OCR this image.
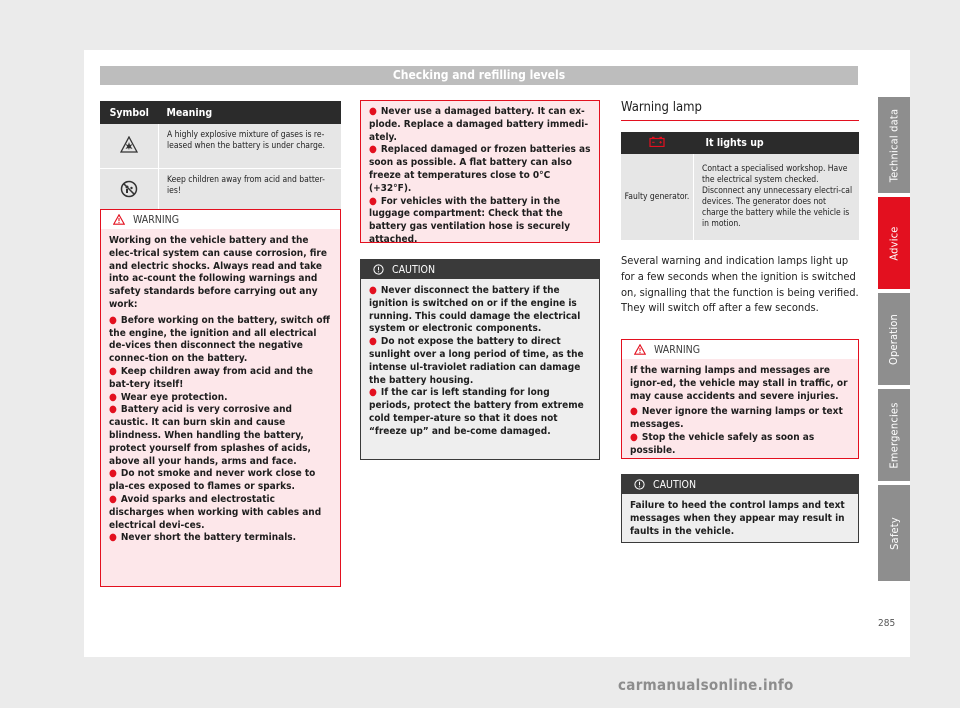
Checking and refilling levels
Symbol	Meaning
	A highly explosive mixture of gases is re-leased when the battery is under charge.
	Keep children away from acid and batter-ies!
WARNING

Working on the vehicle battery and the elec-trical system can cause corrosion, fire and electric shocks. Always read and take into ac-count the following warnings and safety standards before carrying out any work:

● Before working on the battery, switch off the engine, the ignition and all electrical de-vices then disconnect the negative connec-tion on the battery.
● Keep children away from acid and the bat-tery itself!
● Wear eye protection.
● Battery acid is very corrosive and caustic. It can burn skin and cause blindness. When handling the battery, protect yourself from splashes of acids, above all your hands, arms and face.
● Do not smoke and never work close to pla-ces exposed to flames or sparks.
● Avoid sparks and electrostatic discharges when working with cables and electrical devi-ces.
● Never short the battery terminals.
● Never use a damaged battery. It can ex-plode. Replace a damaged battery immedi-ately.
● Replaced damaged or frozen batteries as soon as possible. A flat battery can also freeze at temperatures close to 0°C (+32°F).
● For vehicles with the battery in the luggage compartment: Check that the battery gas ventilation hose is securely attached.
CAUTION
● Never disconnect the battery if the ignition is switched on or if the engine is running. This could damage the electrical system or electronic components.
● Do not expose the battery to direct sunlight over a long period of time, as the intense ul-traviolet radiation can damage the battery housing.
● If the car is left standing for long periods, protect the battery from extreme cold temper-ature so that it does not “freeze up” and be-come damaged.
Warning lamp
	It lights up
Faulty generator.	Contact a specialised workshop. Have the electrical system checked. Disconnect any unnecessary electri-cal devices. The generator does not charge the battery while the vehicle is in motion.
Several warning and indication lamps light up for a few seconds when the ignition is switched on, signalling that the function is being verified. They will switch off after a few seconds.
WARNING

If the warning lamps and messages are ignor-ed, the vehicle may stall in traffic, or may cause accidents and severe injuries.

● Never ignore the warning lamps or text messages.
● Stop the vehicle safely as soon as possible.
CAUTION

Failure to heed the control lamps and text messages when they appear may result in faults in the vehicle.

Technical data
Advice
Operation
Emergencies
Safety
285
carmanualsonline.info
